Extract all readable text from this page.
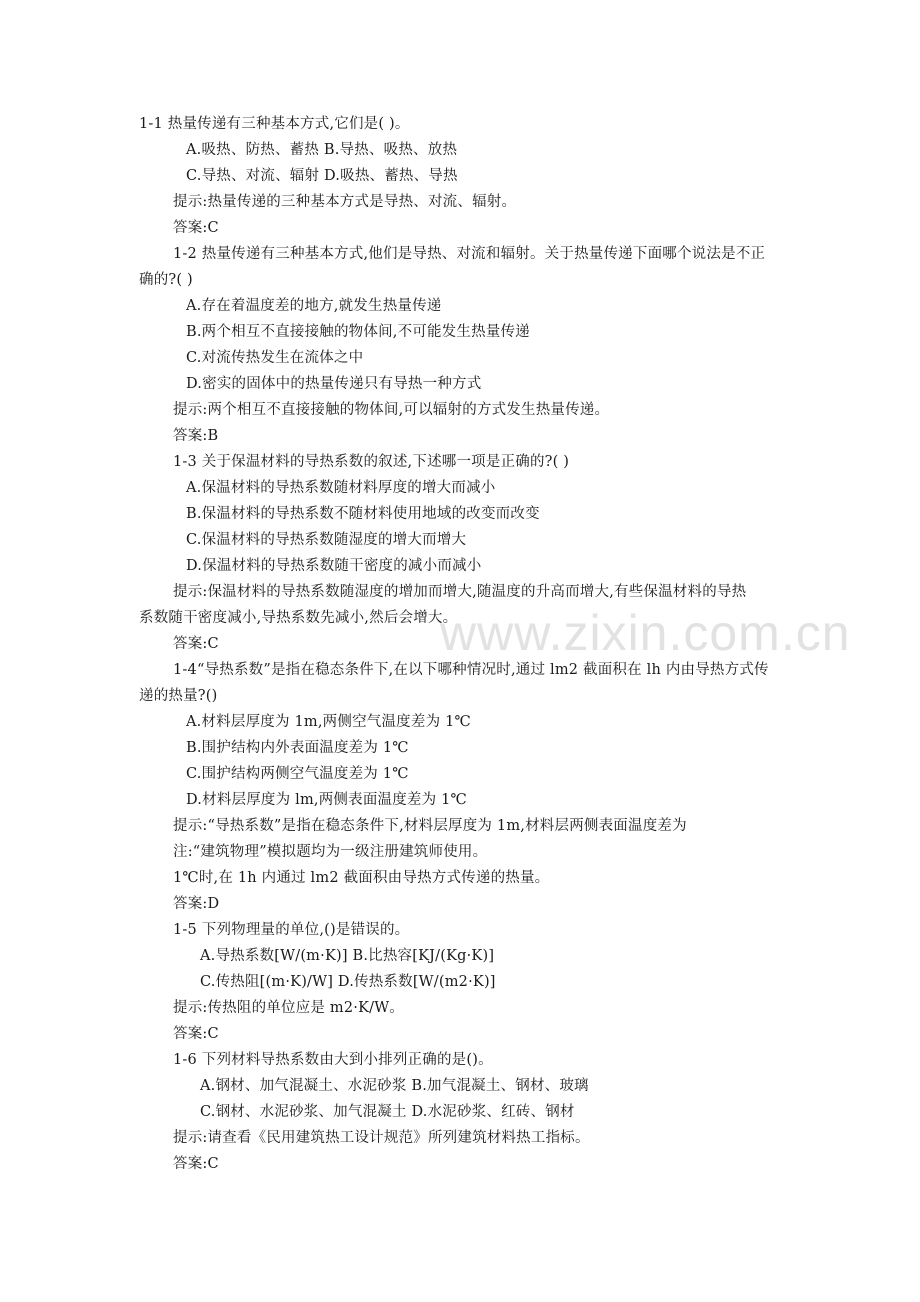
www.zixin.com.cn
1-1 热量传递有三种基本方式,它们是( )。
A.吸热、防热、蓄热 B.导热、吸热、放热
C.导热、对流、辐射 D.吸热、蓄热、导热
提示:热量传递的三种基本方式是导热、对流、辐射。
答案:C
1-2 热量传递有三种基本方式,他们是导热、对流和辐射。关于热量传递下面哪个说法是不正
确的?( )
A.存在着温度差的地方,就发生热量传递
B.两个相互不直接接触的物体间,不可能发生热量传递
C.对流传热发生在流体之中
D.密实的固体中的热量传递只有导热一种方式
提示:两个相互不直接接触的物体间,可以辐射的方式发生热量传递。
答案:B
1-3 关于保温材料的导热系数的叙述,下述哪一项是正确的?( )
A.保温材料的导热系数随材料厚度的增大而减小
B.保温材料的导热系数不随材料使用地域的改变而改变
C.保温材料的导热系数随湿度的增大而增大
D.保温材料的导热系数随干密度的减小而减小
提示:保温材料的导热系数随湿度的增加而增大,随温度的升高而增大,有些保温材料的导热
系数随干密度减小,导热系数先减小,然后会增大。
答案:C
1-4“导热系数”是指在稳态条件下,在以下哪种情况时,通过 lm2 截面积在 lh 内由导热方式传
递的热量?()
A.材料层厚度为 1m,两侧空气温度差为 1℃
B.围护结构内外表面温度差为 1℃
C.围护结构两侧空气温度差为 1℃
D.材料层厚度为 lm,两侧表面温度差为 1℃
提示:“导热系数”是指在稳态条件下,材料层厚度为 1m,材料层两侧表面温度差为
注:“建筑物理”模拟题均为一级注册建筑师使用。
1℃时,在 1h 内通过 lm2 截面积由导热方式传递的热量。
答案:D
1-5 下列物理量的单位,()是错误的。
A.导热系数[W/(m·K)] B.比热容[KJ/(Kg·K)]
C.传热阻[(m·K)/W] D.传热系数[W/(m2·K)]
提示:传热阻的单位应是 m2·K/W。
答案:C
1-6 下列材料导热系数由大到小排列正确的是()。
A.钢材、加气混凝土、水泥砂浆 B.加气混凝土、钢材、玻璃
C.钢材、水泥砂浆、加气混凝土 D.水泥砂浆、红砖、钢材
提示:请查看《民用建筑热工设计规范》所列建筑材料热工指标。
答案:C
